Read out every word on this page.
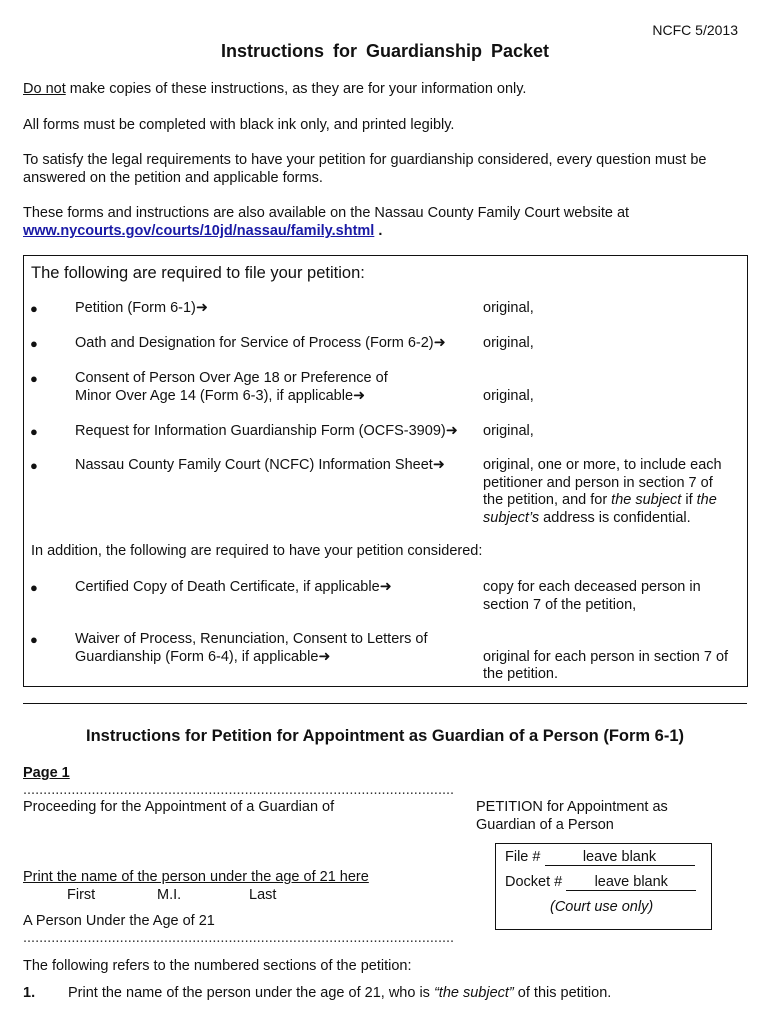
NCFC 5/2013
Instructions for Guardianship Packet
Do not make copies of these instructions, as they are for your information only.
All forms must be completed with black ink only, and printed legibly.
To satisfy the legal requirements to have your petition for guardianship considered, every question must be
answered on the petition and applicable forms.
These forms and instructions are also available on the Nassau County Family Court website at
www.nycourts.gov/courts/10jd/nassau/family.shtml .
The following are required to file your petition:
●	Petition (Form 6-1)➜	original,
●	Oath and Designation for Service of Process (Form 6-2)➜	original,
●	Consent of Person Over Age 18 or Preference of
Minor Over Age 14 (Form 6-3), if applicable➜	original,
●	Request for Information Guardianship Form (OCFS-3909)➜ original,
●	Nassau County Family Court (NCFC) Information Sheet➜	original, one or more, to include each
petitioner and person in section 7 of
the petition, and for the subject if the
subject’s address is confidential.
In addition, the following are required to have your petition considered:
●	Certified Copy of Death Certificate, if applicable➜	copy for each deceased person in
section 7 of the petition,
●	Waiver of Process, Renunciation, Consent to Letters of
Guardianship (Form 6-4), if applicable➜	original for each person in section 7 of
the petition.
Instructions for Petition for Appointment as Guardian of a Person (Form 6-1)
Page 1
...........................................................................................................
Proceeding for the Appointment of a Guardian of	PETITION for Appointment as
Guardian of a Person
Print the name of the person under the age of 21 here
First	M.I.	Last
A Person Under the Age of 21
...........................................................................................................
File #	leave blank
Docket # leave blank
(Court use only)
The following refers to the numbered sections of the petition:
1. Print the name of the person under the age of 21, who is “the subject” of this petition.
